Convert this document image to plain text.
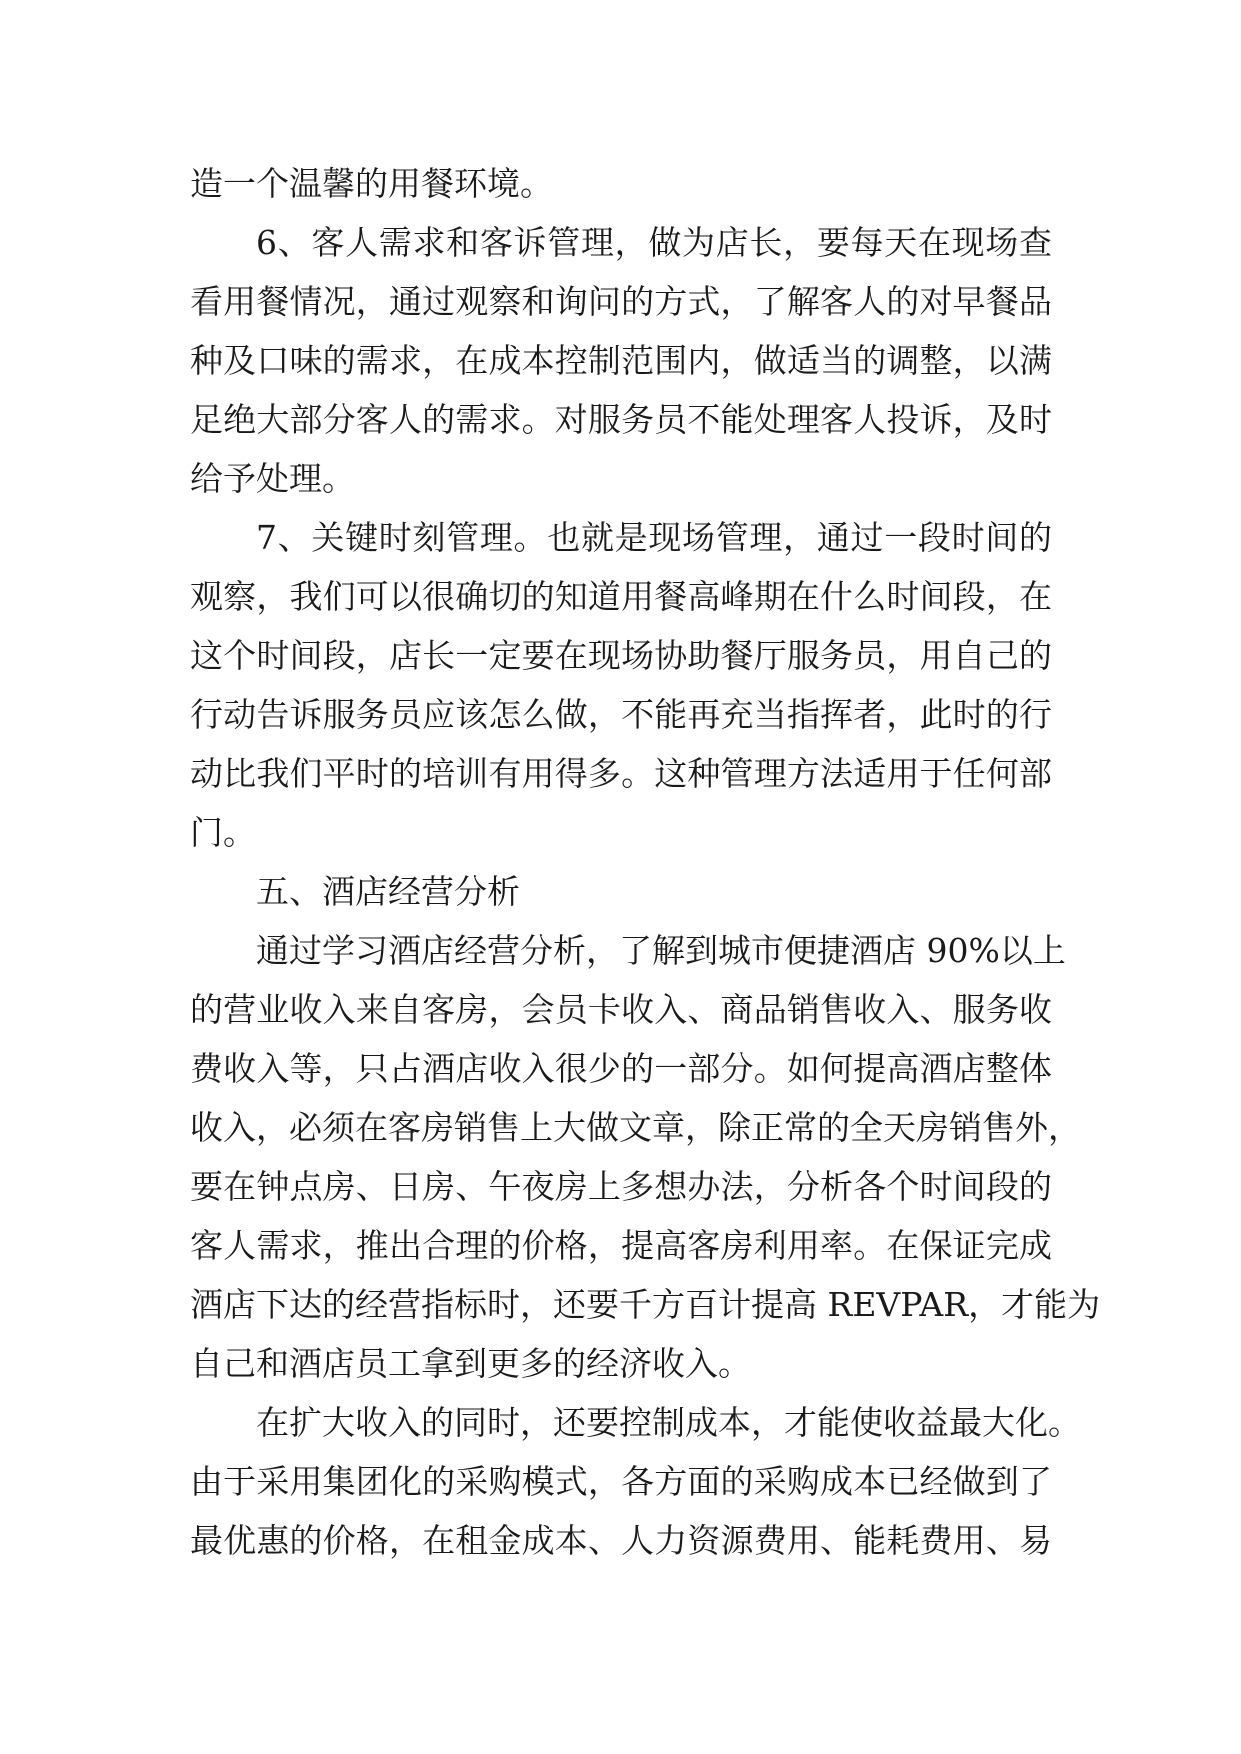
造一个温馨的用餐环境。
6、客人需求和客诉管理，做为店长，要每天在现场查
看用餐情况，通过观察和询问的方式，了解客人的对早餐品
种及口味的需求，在成本控制范围内，做适当的调整，以满
足绝大部分客人的需求。对服务员不能处理客人投诉，及时
给予处理。
7、关键时刻管理。也就是现场管理，通过一段时间的
观察，我们可以很确切的知道用餐高峰期在什么时间段，在
这个时间段，店长一定要在现场协助餐厅服务员，用自己的
行动告诉服务员应该怎么做，不能再充当指挥者，此时的行
动比我们平时的培训有用得多。这种管理方法适用于任何部
门。
五、酒店经营分析
通过学习酒店经营分析，了解到城市便捷酒店 90%以上
的营业收入来自客房，会员卡收入、商品销售收入、服务收
费收入等，只占酒店收入很少的一部分。如何提高酒店整体
收入，必须在客房销售上大做文章，除正常的全天房销售外，
要在钟点房、日房、午夜房上多想办法，分析各个时间段的
客人需求，推出合理的价格，提高客房利用率。在保证完成
酒店下达的经营指标时，还要千方百计提高 REVPAR，才能为
自己和酒店员工拿到更多的经济收入。
在扩大收入的同时，还要控制成本，才能使收益最大化。
由于采用集团化的采购模式，各方面的采购成本已经做到了
最优惠的价格，在租金成本、人力资源费用、能耗费用、易
